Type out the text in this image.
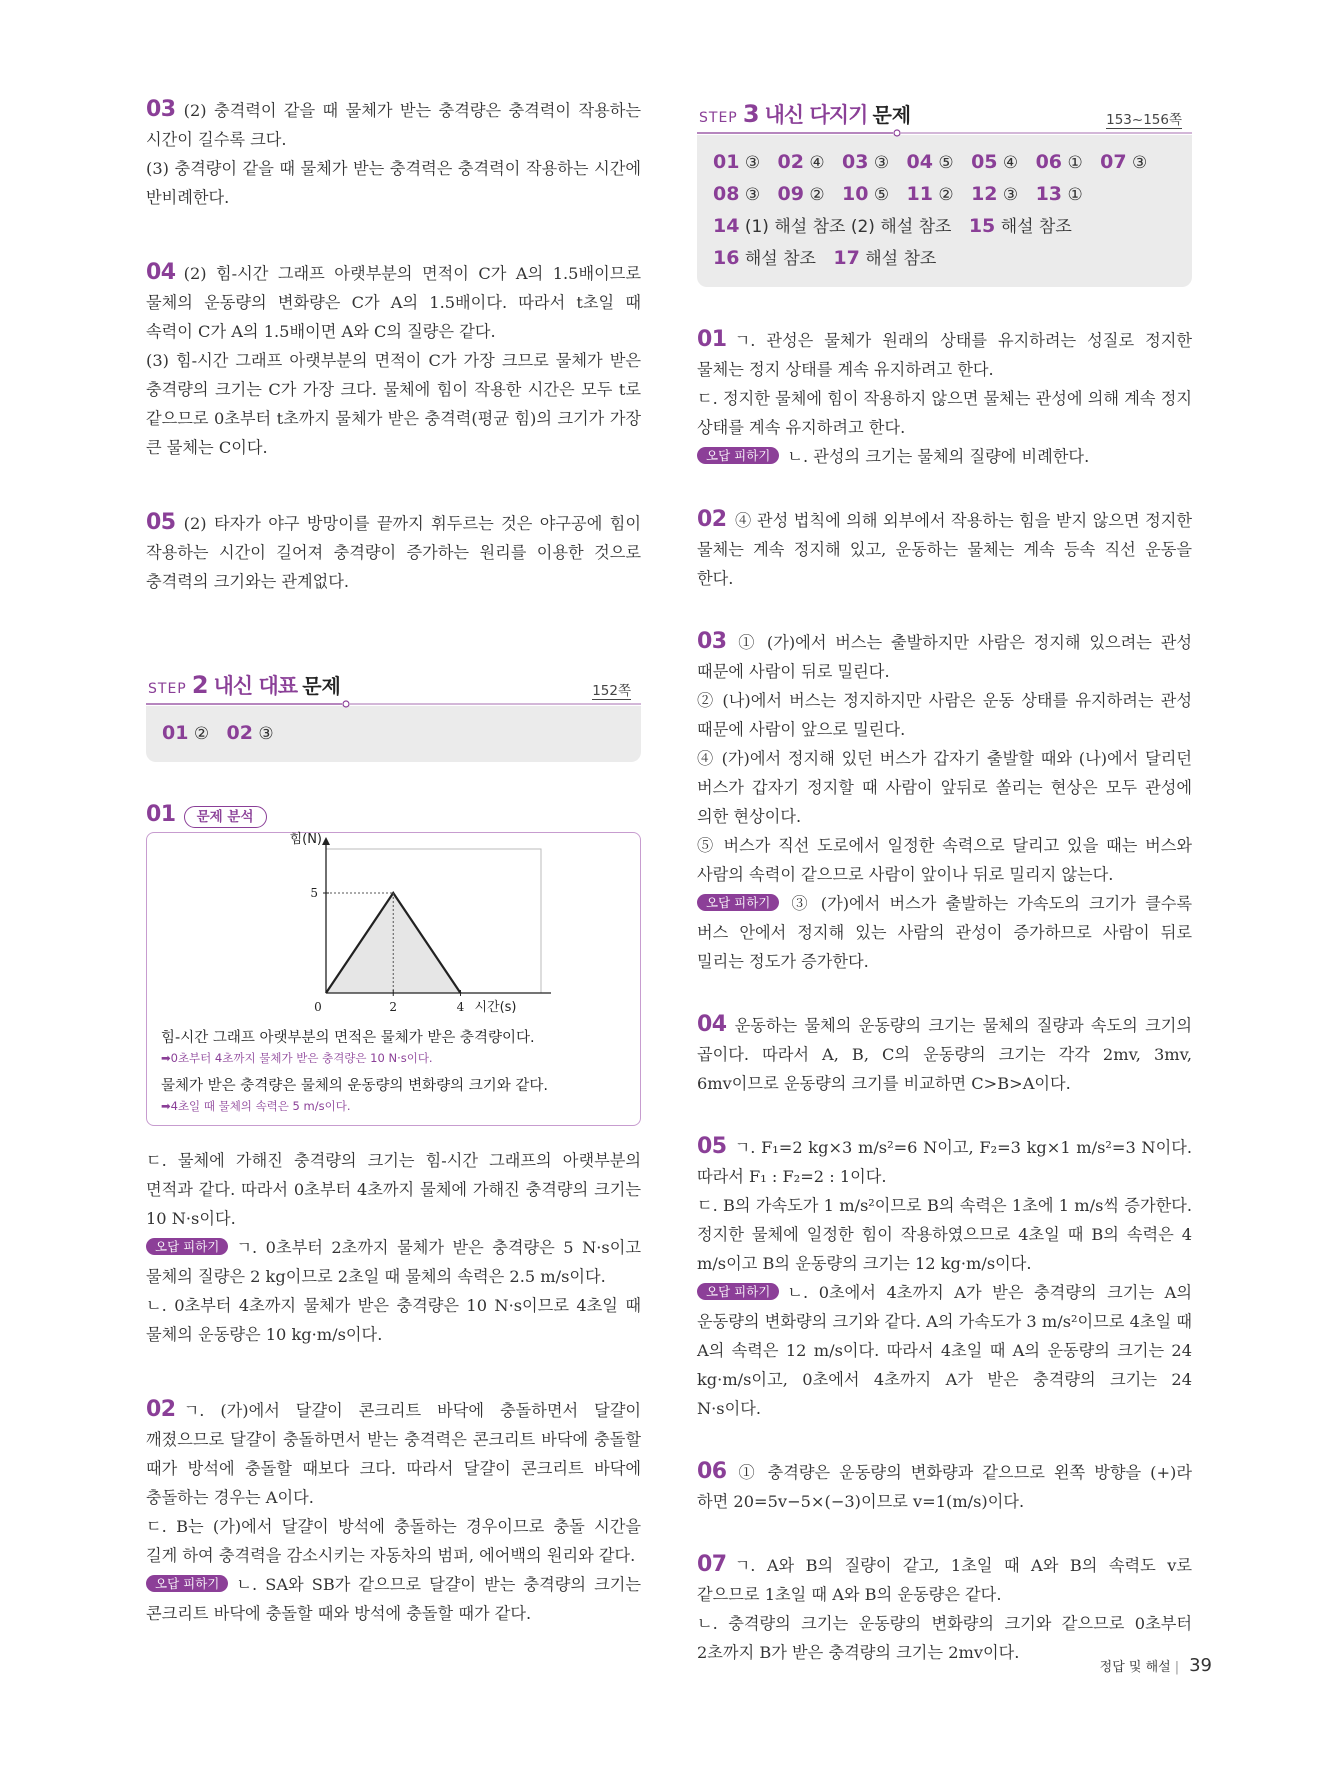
03 (2) 충격력이 같을 때 물체가 받는 충격량은 충격력이 작용하는 시간이 길수록 크다.

(3) 충격량이 같을 때 물체가 받는 충격력은 충격력이 작용하는 시간에 반비례한다.

04 (2) 힘-시간 그래프 아랫부분의 면적이 C가 A의 1.5배이므로 물체의 운동량의 변화량은 C가 A의 1.5배이다. 따라서 t초일 때 속력이 C가 A의 1.5배이면 A와 C의 질량은 같다.

(3) 힘-시간 그래프 아랫부분의 면적이 C가 가장 크므로 물체가 받은 충격량의 크기는 C가 가장 크다. 물체에 힘이 작용한 시간은 모두 t로 같으므로 0초부터 t초까지 물체가 받은 충격력(평균 힘)의 크기가 가장 큰 물체는 C이다.

05 (2) 타자가 야구 방망이를 끝까지 휘두르는 것은 야구공에 힘이 작용하는 시간이 길어져 충격량이 증가하는 원리를 이용한 것으로 충격력의 크기와는 관계없다.

STEP 2 내신 대표 문제	152쪽
01 ② 02 ③
01 문제 분석
0	2	4
5
힘(N)
시간(s)
힘-시간 그래프 아랫부분의 면적은 물체가 받은 충격량이다.
➡0초부터 4초까지 물체가 받은 충격량은 10 N·s이다.
물체가 받은 충격량은 물체의 운동량의 변화량의 크기와 같다.
➡4초일 때 물체의 속력은 5 m/s이다.

ㄷ. 물체에 가해진 충격량의 크기는 힘-시간 그래프의 아랫부분의 면적과 같다. 따라서 0초부터 4초까지 물체에 가해진 충격량의 크기는 10 N·s이다.

오답 피하기 ㄱ. 0초부터 2초까지 물체가 받은 충격량은 5 N·s이고 물체의 질량은 2 kg이므로 2초일 때 물체의 속력은 2.5 m/s이다.

ㄴ. 0초부터 4초까지 물체가 받은 충격량은 10 N·s이므로 4초일 때 물체의 운동량은 10 kg·m/s이다.

02 ㄱ. (가)에서 달걀이 콘크리트 바닥에 충돌하면서 달걀이 깨졌으므로 달걀이 충돌하면서 받는 충격력은 콘크리트 바닥에 충돌할 때가 방석에 충돌할 때보다 크다. 따라서 달걀이 콘크리트 바닥에 충돌하는 경우는 A이다.

ㄷ. B는 (가)에서 달걀이 방석에 충돌하는 경우이므로 충돌 시간을 길게 하여 충격력을 감소시키는 자동차의 범퍼, 에어백의 원리와 같다.

오답 피하기 ㄴ. SA와 SB가 같으므로 달걀이 받는 충격량의 크기는 콘크리트 바닥에 충돌할 때와 방석에 충돌할 때가 같다.

STEP 3 내신 다지기 문제	153~156쪽
01 ③ 02 ④ 03 ③ 04 ⑤ 05 ④ 06 ① 07 ③ 08 ③ 09 ② 10 ⑤ 11 ② 12 ③ 13 ① 14 (1) 해설 참조 (2) 해설 참조 15 해설 참조 16 해설 참조 17 해설 참조

01 ㄱ. 관성은 물체가 원래의 상태를 유지하려는 성질로 정지한 물체는 정지 상태를 계속 유지하려고 한다.

ㄷ. 정지한 물체에 힘이 작용하지 않으면 물체는 관성에 의해 계속 정지 상태를 계속 유지하려고 한다.

오답 피하기 ㄴ. 관성의 크기는 물체의 질량에 비례한다.

02 ④ 관성 법칙에 의해 외부에서 작용하는 힘을 받지 않으면 정지한 물체는 계속 정지해 있고, 운동하는 물체는 계속 등속 직선 운동을 한다.

03 ① (가)에서 버스는 출발하지만 사람은 정지해 있으려는 관성 때문에 사람이 뒤로 밀린다.

② (나)에서 버스는 정지하지만 사람은 운동 상태를 유지하려는 관성 때문에 사람이 앞으로 밀린다.

④ (가)에서 정지해 있던 버스가 갑자기 출발할 때와 (나)에서 달리던 버스가 갑자기 정지할 때 사람이 앞뒤로 쏠리는 현상은 모두 관성에 의한 현상이다.

⑤ 버스가 직선 도로에서 일정한 속력으로 달리고 있을 때는 버스와 사람의 속력이 같으므로 사람이 앞이나 뒤로 밀리지 않는다.

오답 피하기 ③ (가)에서 버스가 출발하는 가속도의 크기가 클수록 버스 안에서 정지해 있는 사람의 관성이 증가하므로 사람이 뒤로 밀리는 정도가 증가한다.

04 운동하는 물체의 운동량의 크기는 물체의 질량과 속도의 크기의 곱이다. 따라서 A, B, C의 운동량의 크기는 각각 2mv, 3mv, 6mv이므로 운동량의 크기를 비교하면 C>B>A이다.

05 ㄱ. F₁=2 kg×3 m/s²=6 N이고, F₂=3 kg×1 m/s²=3 N이다. 따라서 F₁ : F₂=2 : 1이다.

ㄷ. B의 가속도가 1 m/s²이므로 B의 속력은 1초에 1 m/s씩 증가한다. 정지한 물체에 일정한 힘이 작용하였으므로 4초일 때 B의 속력은 4 m/s이고 B의 운동량의 크기는 12 kg·m/s이다.

오답 피하기 ㄴ. 0초에서 4초까지 A가 받은 충격량의 크기는 A의 운동량의 변화량의 크기와 같다. A의 가속도가 3 m/s²이므로 4초일 때 A의 속력은 12 m/s이다. 따라서 4초일 때 A의 운동량의 크기는 24 kg·m/s이고, 0초에서 4초까지 A가 받은 충격량의 크기는 24 N·s이다.

06 ① 충격량은 운동량의 변화량과 같으므로 왼쪽 방향을 (+)라 하면 20=5v−5×(−3)이므로 v=1(m/s)이다.

07 ㄱ. A와 B의 질량이 같고, 1초일 때 A와 B의 속력도 v로 같으므로 1초일 때 A와 B의 운동량은 같다.

ㄴ. 충격량의 크기는 운동량의 변화량의 크기와 같으므로 0초부터 2초까지 B가 받은 충격량의 크기는 2mv이다.

정답 및 해설 | 39
